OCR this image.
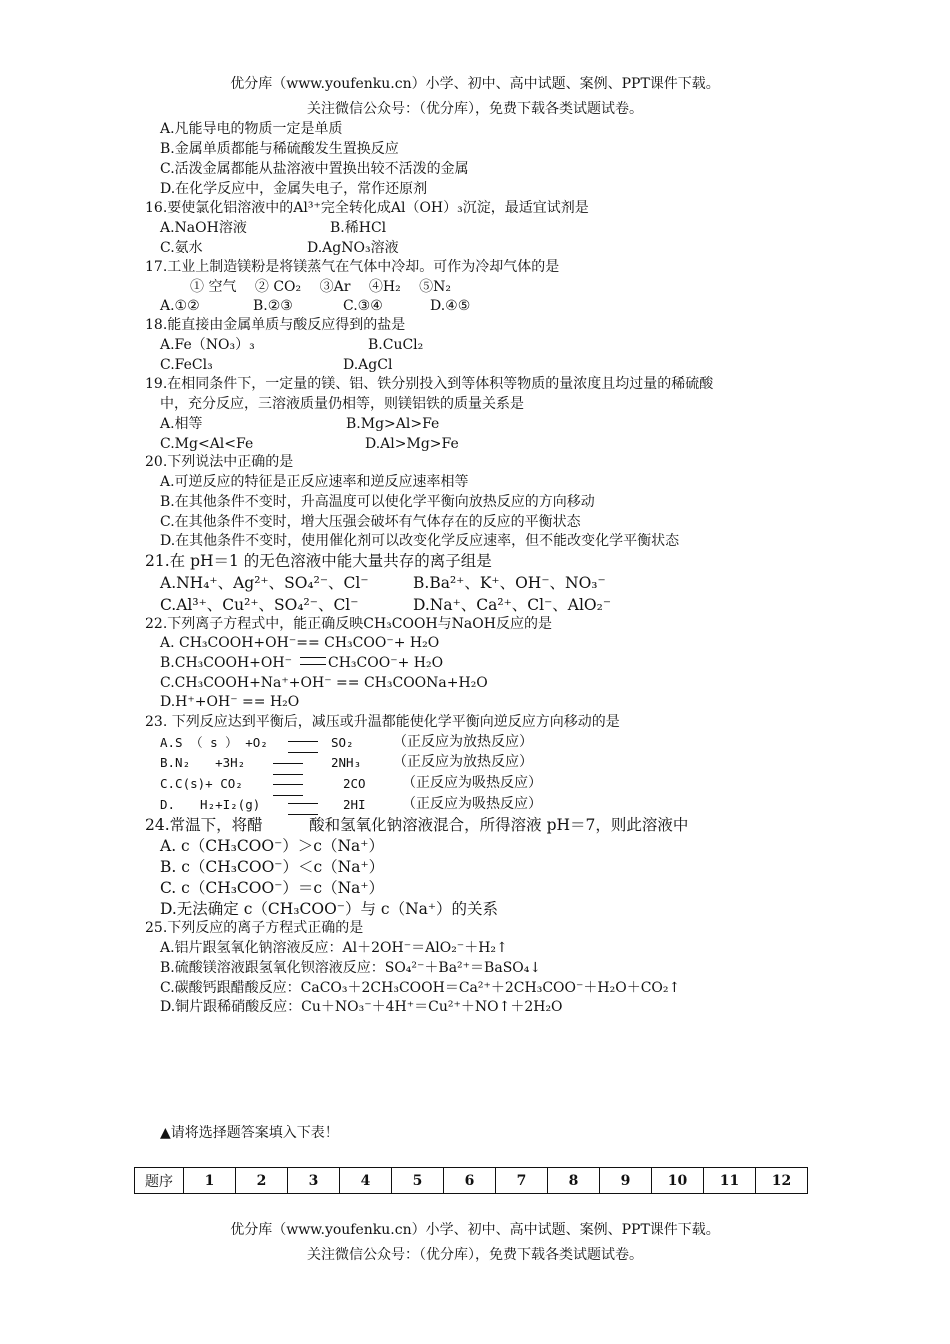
优分库（www.youfenku.cn）小学、初中、高中试题、案例、PPT课件下载。
关注微信公众号：（优分库），免费下载各类试题试卷。
A.凡能导电的物质一定是单质
B.金属单质都能与稀硫酸发生置换反应
C.活泼金属都能从盐溶液中置换出较不活泼的金属
D.在化学反应中，金属失电子，常作还原剂
16.要使氯化铝溶液中的Al³⁺完全转化成Al（OH）₃沉淀，最适宜试剂是
A.NaOH溶液	B.稀HCl
C.氨水	D.AgNO₃溶液
17.工业上制造镁粉是将镁蒸气在气体中冷却。可作为冷却气体的是
① 空气　 ② CO₂　 ③Ar　 ④H₂　 ⑤N₂
A.①②	B.②③	C.③④	D.④⑤
18.能直接由金属单质与酸反应得到的盐是
A.Fe（NO₃）₃	B.CuCl₂
C.FeCl₃	D.AgCl
19.在相同条件下，一定量的镁、铝、铁分别投入到等体积等物质的量浓度且均过量的稀硫酸
中，充分反应，三溶液质量仍相等，则镁铝铁的质量关系是
A.相等	B.Mg>Al>Fe
C.Mg<Al<Fe	D.Al>Mg>Fe
20.下列说法中正确的是
A.可逆反应的特征是正反应速率和逆反应速率相等
B.在其他条件不变时，升高温度可以使化学平衡向放热反应的方向移动
C.在其他条件不变时，增大压强会破坏有气体存在的反应的平衡状态
D.在其他条件不变时，使用催化剂可以改变化学反应速率，但不能改变化学平衡状态
21.在 pH＝1 的无色溶液中能大量共存的离子组是
A.NH₄⁺、Ag²⁺、SO₄²⁻、Cl⁻	B.Ba²⁺、K⁺、OH⁻、NO₃⁻
C.Al³⁺、Cu²⁺、SO₄²⁻、Cl⁻	D.Na⁺、Ca²⁺、Cl⁻、AlO₂⁻
22.下列离子方程式中，能正确反映CH₃COOH与NaOH反应的是
A. CH₃COOH+OH⁻== CH₃COO⁻+ H₂O
B.CH₃COOH+OH⁻	CH₃COO⁻+ H₂O
C.CH₃COOH+Na⁺+OH⁻ == CH₃COONa+H₂O
D.H⁺+OH⁻ == H₂O
23. 下列反应达到平衡后，减压或升温都能使化学平衡向逆反应方向移动的是
A.S （ s ） +O₂	SO₂	（正反应为放热反应）
B.N₂　　+3H₂	2NH₃ （正反应为放热反应）
C.C(s)+ CO₂	2CO	（正反应为吸热反应）
D.　　H₂+I₂(g)	2HI	（正反应为吸热反应）
24.常温下，将醋　　　酸和氢氧化钠溶液混合，所得溶液 pH＝7，则此溶液中
A. c（CH₃COO⁻）＞c（Na⁺）
B. c（CH₃COO⁻）＜c（Na⁺）
C. c（CH₃COO⁻）＝c（Na⁺）
D.无法确定 c（CH₃COO⁻）与 c（Na⁺）的关系
25.下列反应的离子方程式正确的是
A.铝片跟氢氧化钠溶液反应：Al＋2OH⁻＝AlO₂⁻＋H₂↑
B.硫酸镁溶液跟氢氧化钡溶液反应：SO₄²⁻＋Ba²⁺＝BaSO₄↓
C.碳酸钙跟醋酸反应：CaCO₃＋2CH₃COOH＝Ca²⁺＋2CH₃COO⁻＋H₂O＋CO₂↑
D.铜片跟稀硝酸反应：Cu＋NO₃⁻＋4H⁺＝Cu²⁺＋NO↑＋2H₂O
▲请将选择题答案填入下表！
题序	1	2	3	4	5	6	7	8	9	10	11	12
优分库（www.youfenku.cn）小学、初中、高中试题、案例、PPT课件下载。
关注微信公众号：（优分库），免费下载各类试题试卷。
